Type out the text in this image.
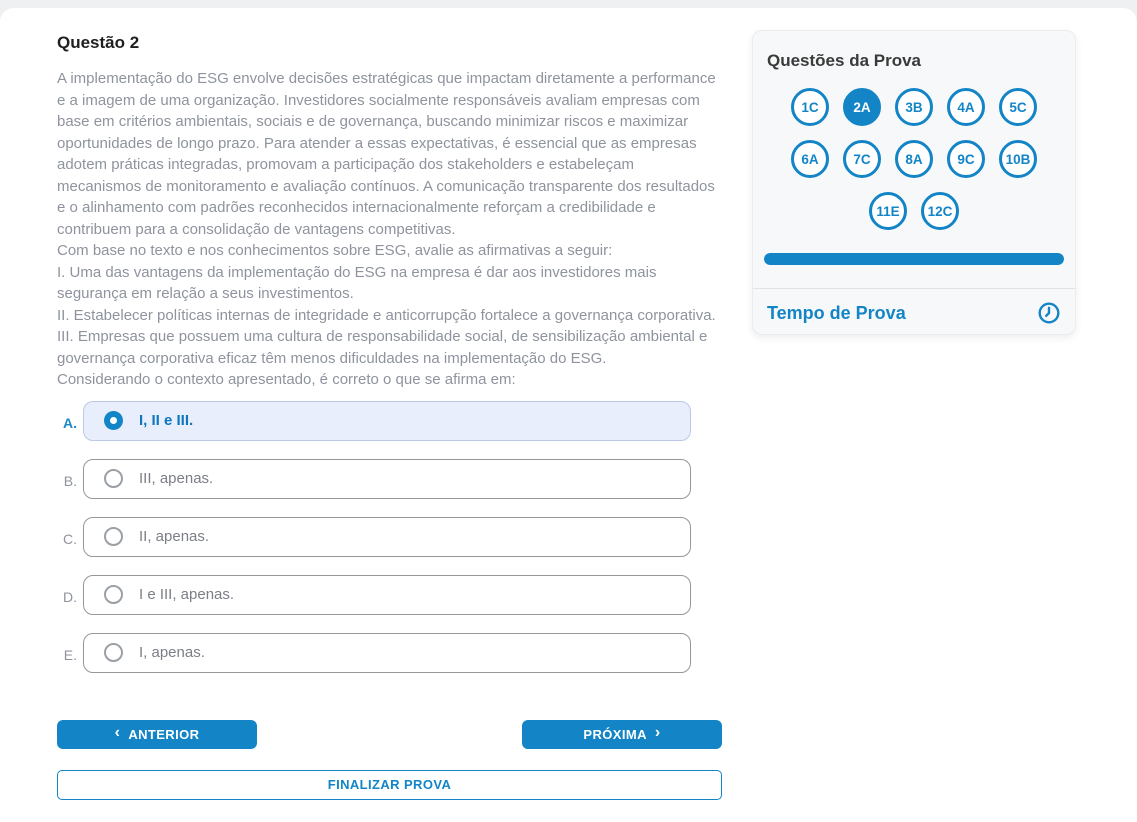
Questão 2

A implementação do ESG envolve decisões estratégicas que impactam diretamente a performance e a imagem de uma organização. Investidores socialmente responsáveis avaliam empresas com base em critérios ambientais, sociais e de governança, buscando minimizar riscos e maximizar oportunidades de longo prazo. Para atender a essas expectativas, é essencial que as empresas adotem práticas integradas, promovam a participação dos stakeholders e estabeleçam mecanismos de monitoramento e avaliação contínuos. A comunicação transparente dos resultados e o alinhamento com padrões reconhecidos internacionalmente reforçam a credibilidade e contribuem para a consolidação de vantagens competitivas.

Com base no texto e nos conhecimentos sobre ESG, avalie as afirmativas a seguir:

I. Uma das vantagens da implementação do ESG na empresa é dar aos investidores mais segurança em relação a seus investimentos.

II. Estabelecer políticas internas de integridade e anticorrupção fortalece a governança corporativa.

III. Empresas que possuem uma cultura de responsabilidade social, de sensibilização ambiental e governança corporativa eficaz têm menos dificuldades na implementação do ESG.

Considerando o contexto apresentado, é correto o que se afirma em:

A.	I, II e III.
B.	III, apenas.
C.	II, apenas.
D.	I e III, apenas.
E.	I, apenas.
‹ ANTERIOR	PRÓXIMA ›
FINALIZAR PROVA
Questões da Prova
1C	2A	3B	4A	5C
6A	7C	8A	9C	10B
11E	12C
Tempo de Prova
